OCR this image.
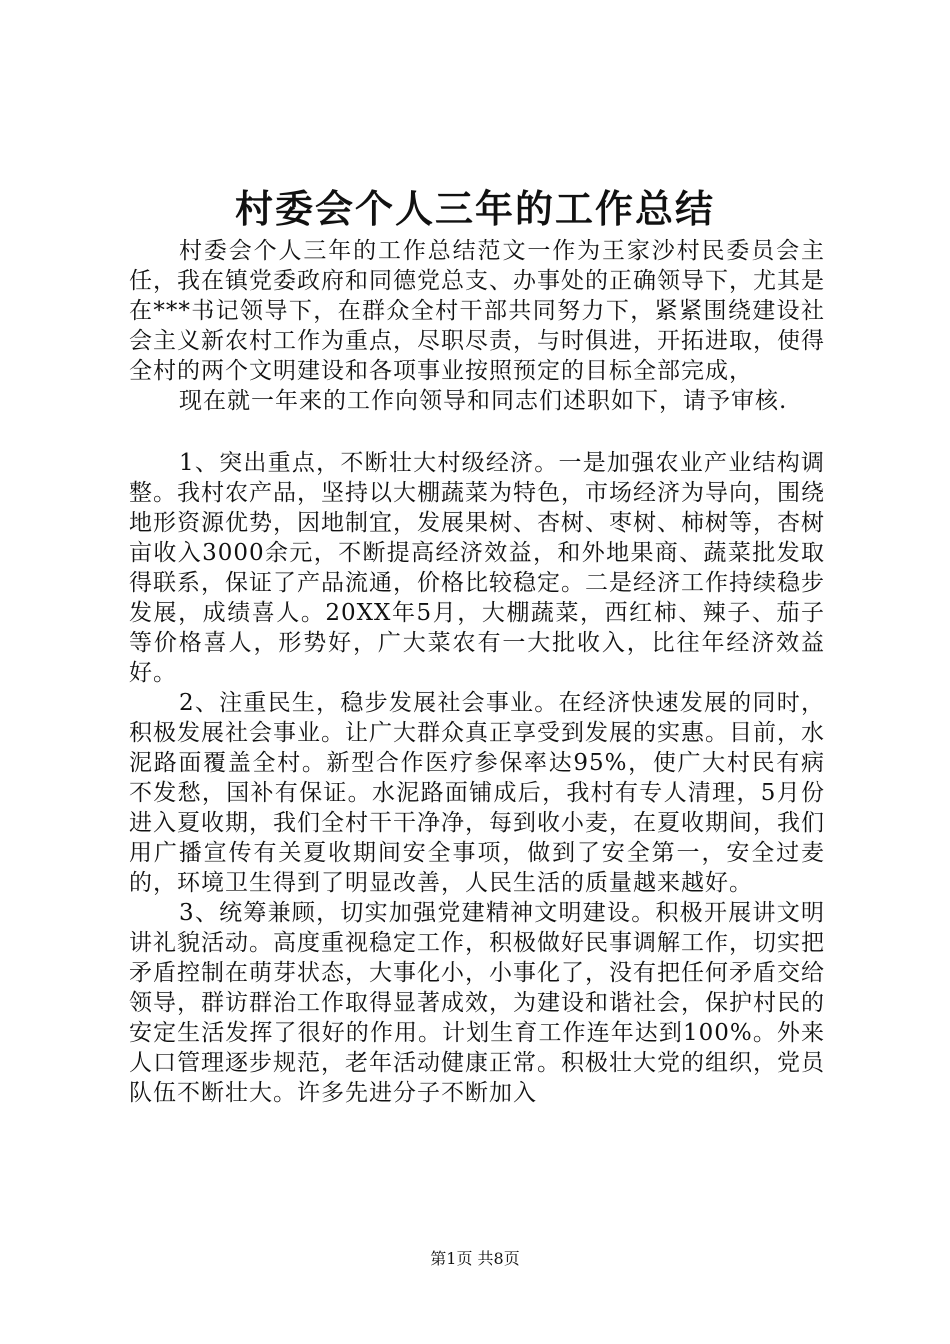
村委会个人三年的工作总结

村委会个人三年的工作总结范文一作为王家沙村民委员会主任，我在镇党委政府和同德党总支、办事处的正确领导下，尤其是在***书记领导下，在群众全村干部共同努力下，紧紧围绕建设社会主义新农村工作为重点，尽职尽责，与时俱进，开拓进取，使得全村的两个文明建设和各项事业按照预定的目标全部完成，

现在就一年来的工作向领导和同志们述职如下，请予审核.

1、突出重点，不断壮大村级经济。一是加强农业产业结构调整。我村农产品，坚持以大棚蔬菜为特色，市场经济为导向，围绕地形资源优势，因地制宜，发展果树、杏树、枣树、柿树等，杏树亩收入3000余元，不断提高经济效益，和外地果商、蔬菜批发取得联系，保证了产品流通，价格比较稳定。二是经济工作持续稳步发展，成绩喜人。20XX年5月，大棚蔬菜，西红柿、辣子、茄子等价格喜人，形势好，广大菜农有一大批收入，比往年经济效益好。

2、注重民生，稳步发展社会事业。在经济快速发展的同时，积极发展社会事业。让广大群众真正享受到发展的实惠。目前，水泥路面覆盖全村。新型合作医疗参保率达95%，使广大村民有病不发愁，国补有保证。水泥路面铺成后，我村有专人清理，5月份进入夏收期，我们全村干干净净，每到收小麦，在夏收期间，我们用广播宣传有关夏收期间安全事项，做到了安全第一，安全过麦的，环境卫生得到了明显改善，人民生活的质量越来越好。

3、统筹兼顾，切实加强党建精神文明建设。积极开展讲文明讲礼貌活动。高度重视稳定工作，积极做好民事调解工作，切实把矛盾控制在萌芽状态，大事化小，小事化了，没有把任何矛盾交给领导，群访群治工作取得显著成效，为建设和谐社会，保护村民的安定生活发挥了很好的作用。计划生育工作连年达到100%。外来人口管理逐步规范，老年活动健康正常。积极壮大党的组织，党员队伍不断壮大。许多先进分子不断加入

第1页 共8页
